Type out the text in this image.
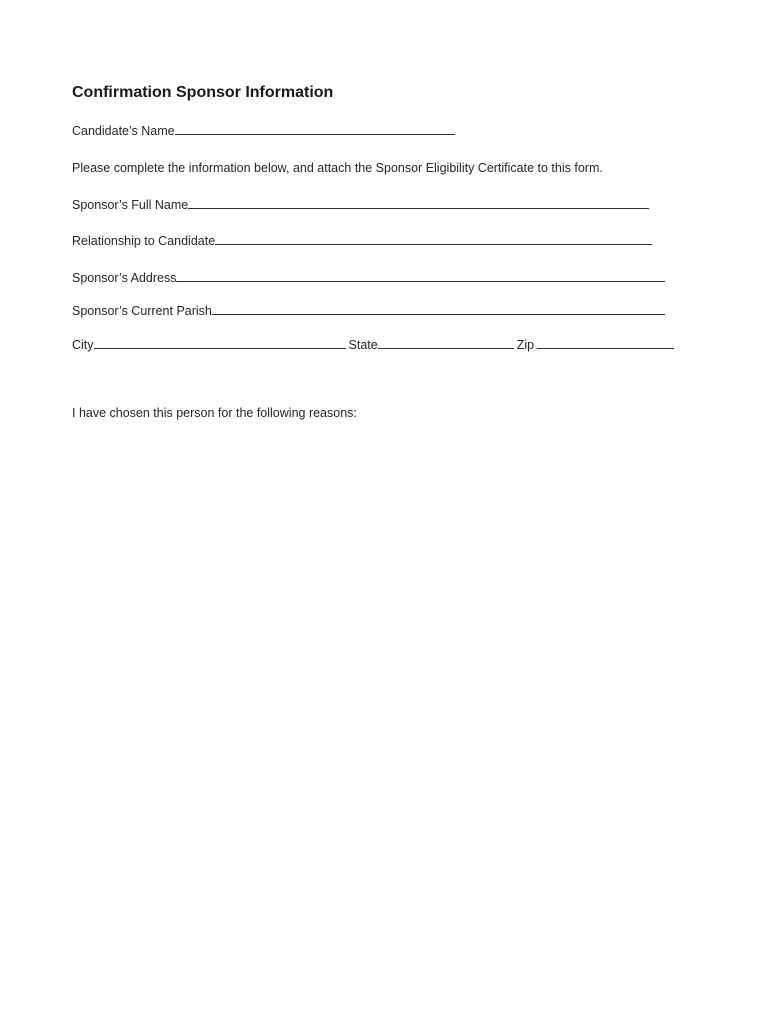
Confirmation Sponsor Information
Candidate’s Name
Please complete the information below, and attach the Sponsor Eligibility Certificate to this form.
Sponsor’s Full Name
Relationship to Candidate
Sponsor’s Address
Sponsor’s Current Parish
City	State	Zip
I have chosen this person for the following reasons:
